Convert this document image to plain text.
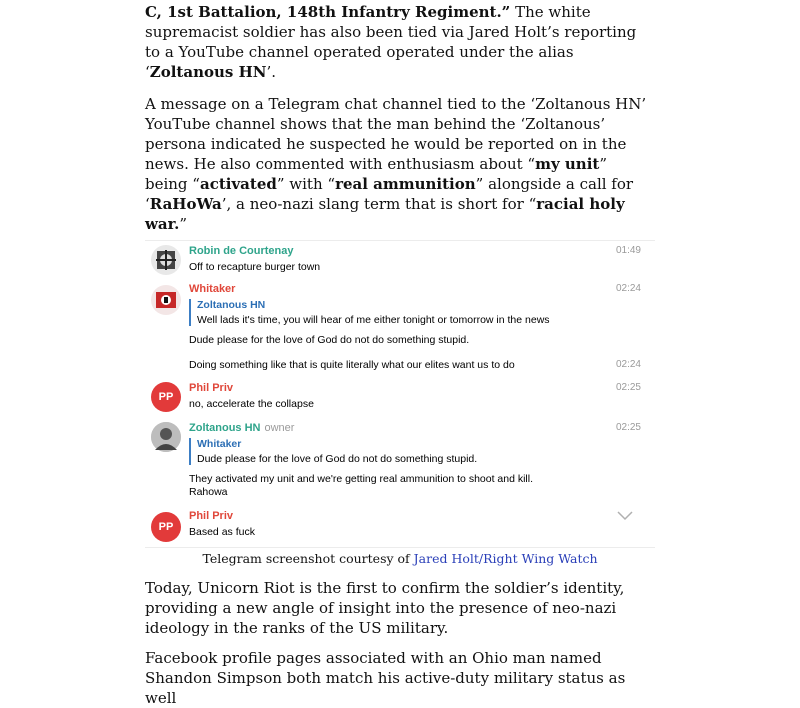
C, 1st Battalion, 148th Infantry Regiment.” The white supremacist soldier has also been tied via Jared Holt’s reporting to a YouTube channel operated operated under the alias ‘Zoltanous HN’.

A message on a Telegram chat channel tied to the ‘Zoltanous HN’ YouTube channel shows that the man behind the ‘Zoltanous’ persona indicated he suspected he would be reported on in the news. He also commented with enthusiasm about “my unit” being “activated” with “real ammunition” alongside a call for ‘RaHoWa’, a neo-nazi slang term that is short for “racial holy war.”

Today, Unicorn Riot is the first to confirm the soldier’s identity, providing a new angle of insight into the presence of neo-nazi ideology in the ranks of the US military.

Facebook profile pages associated with an Ohio man named Shandon Simpson both match his active-duty military status as well

Robin de Courtenay	01:49
Off to recapture burger town
Whitaker	02:24
Zoltanous HN
Well lads it's time, you will hear of me either tonight or tomorrow in the news
Dude please for the love of God do not do something stupid.
02:24
Doing something like that is quite literally what our elites want us to do
PP
Phil Priv	02:25
no, accelerate the collapse
Zoltanous HN owner	02:25
Whitaker
Dude please for the love of God do not do something stupid.
They activated my unit and we're getting real ammunition to shoot and kill.
Rahowa
PP
Phil Priv
Based as fuck
Telegram screenshot courtesy of Jared Holt/Right Wing Watch
